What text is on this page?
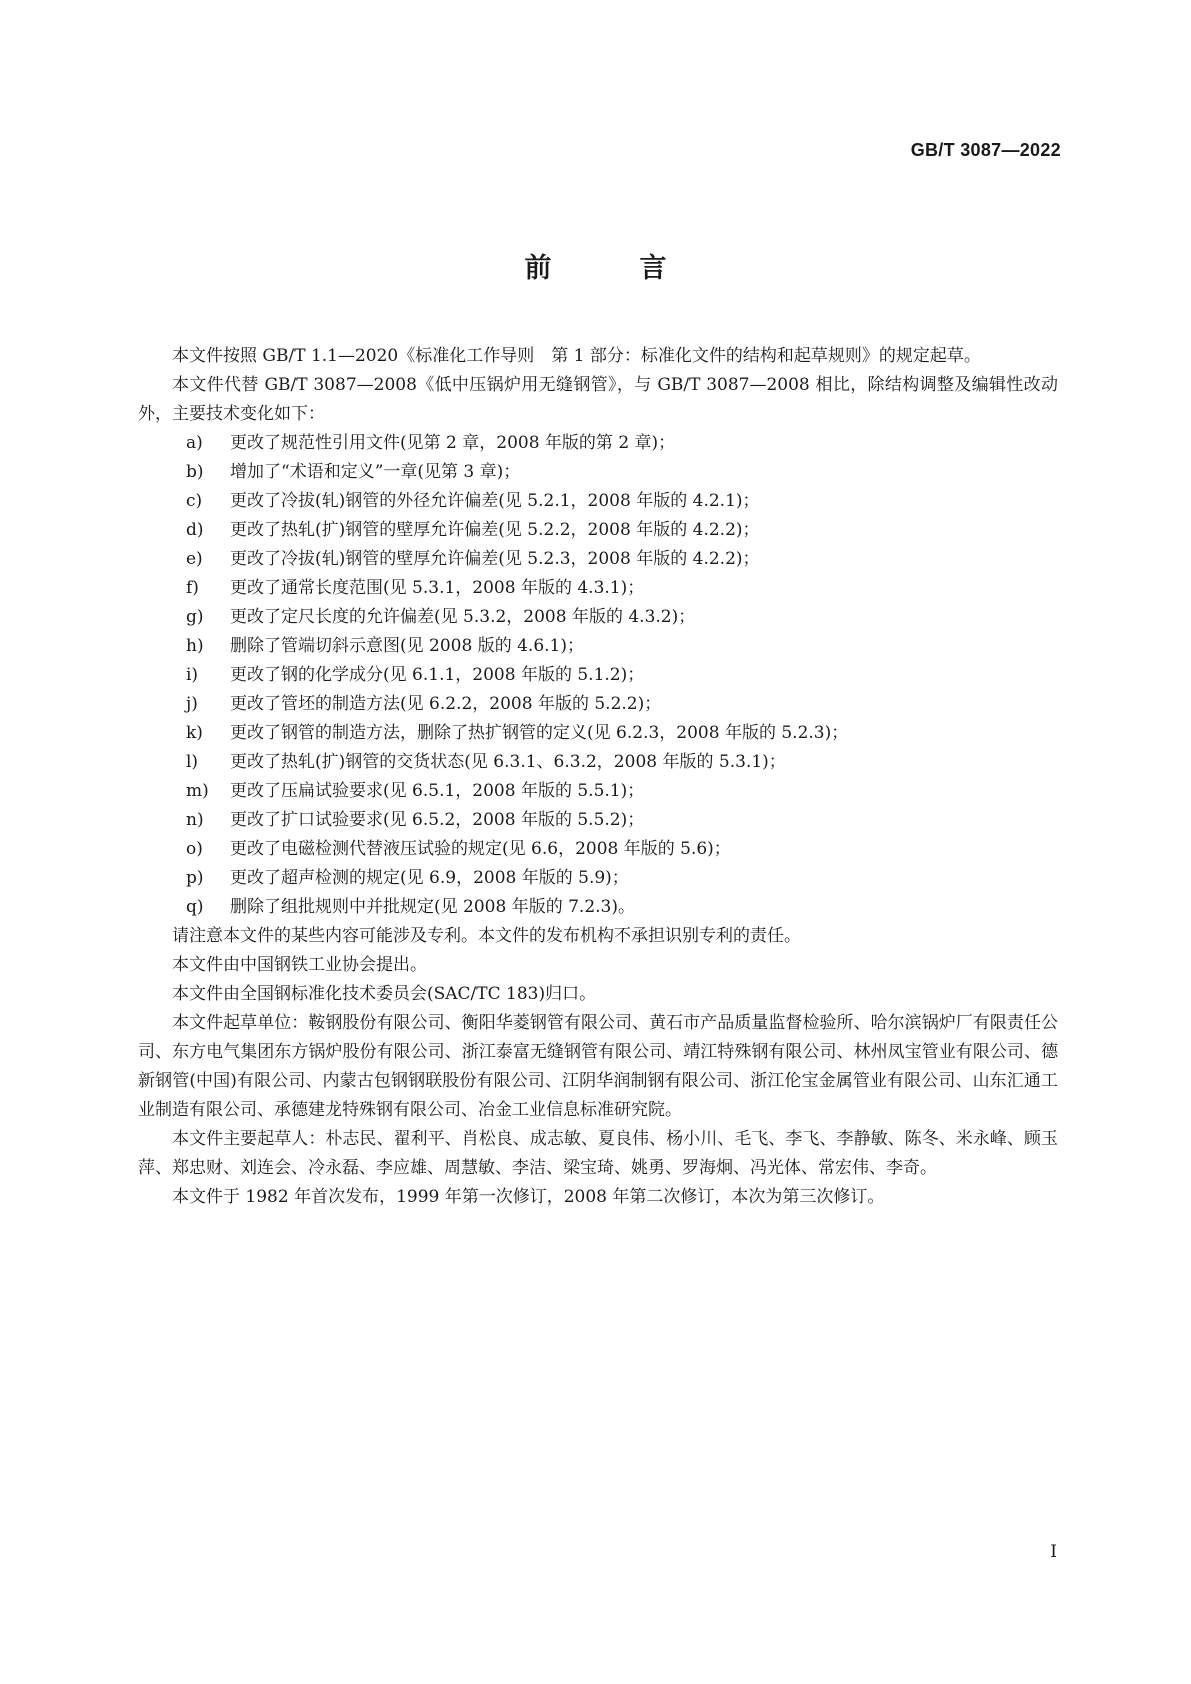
GB/T 3087—2022
前	言

本文件按照 GB/T 1.1—2020《标准化工作导则　第 1 部分：标准化文件的结构和起草规则》的规定起草。

本文件代替 GB/T 3087—2008《低中压锅炉用无缝钢管》，与 GB/T 3087—2008 相比，除结构调整及编辑性改动外，主要技术变化如下：

a) 更改了规范性引用文件(见第 2 章，2008 年版的第 2 章)；
b) 增加了“术语和定义”一章(见第 3 章)；
c) 更改了冷拔(轧)钢管的外径允许偏差(见 5.2.1，2008 年版的 4.2.1)；
d) 更改了热轧(扩)钢管的壁厚允许偏差(见 5.2.2，2008 年版的 4.2.2)；
e) 更改了冷拔(轧)钢管的壁厚允许偏差(见 5.2.3，2008 年版的 4.2.2)；
f) 更改了通常长度范围(见 5.3.1，2008 年版的 4.3.1)；
g) 更改了定尺长度的允许偏差(见 5.3.2，2008 年版的 4.3.2)；
h) 删除了管端切斜示意图(见 2008 版的 4.6.1)；
i) 更改了钢的化学成分(见 6.1.1，2008 年版的 5.1.2)；
j) 更改了管坯的制造方法(见 6.2.2，2008 年版的 5.2.2)；
k) 更改了钢管的制造方法，删除了热扩钢管的定义(见 6.2.3，2008 年版的 5.2.3)；
l) 更改了热轧(扩)钢管的交货状态(见 6.3.1、6.3.2，2008 年版的 5.3.1)；
m) 更改了压扁试验要求(见 6.5.1，2008 年版的 5.5.1)；
n) 更改了扩口试验要求(见 6.5.2，2008 年版的 5.5.2)；
o) 更改了电磁检测代替液压试验的规定(见 6.6，2008 年版的 5.6)；
p) 更改了超声检测的规定(见 6.9，2008 年版的 5.9)；
q) 删除了组批规则中并批规定(见 2008 年版的 7.2.3)。

请注意本文件的某些内容可能涉及专利。本文件的发布机构不承担识别专利的责任。

本文件由中国钢铁工业协会提出。

本文件由全国钢标准化技术委员会(SAC/TC 183)归口。

本文件起草单位：鞍钢股份有限公司、衡阳华菱钢管有限公司、黄石市产品质量监督检验所、哈尔滨锅炉厂有限责任公司、东方电气集团东方锅炉股份有限公司、浙江泰富无缝钢管有限公司、靖江特殊钢有限公司、林州凤宝管业有限公司、德新钢管(中国)有限公司、内蒙古包钢钢联股份有限公司、江阴华润制钢有限公司、浙江伦宝金属管业有限公司、山东汇通工业制造有限公司、承德建龙特殊钢有限公司、冶金工业信息标准研究院。

本文件主要起草人：朴志民、翟利平、肖松良、成志敏、夏良伟、杨小川、毛飞、李飞、李静敏、陈冬、米永峰、顾玉萍、郑忠财、刘连会、冷永磊、李应雄、周慧敏、李洁、梁宝琦、姚勇、罗海炯、冯光体、常宏伟、李奇。

本文件于 1982 年首次发布，1999 年第一次修订，2008 年第二次修订，本次为第三次修订。

I
